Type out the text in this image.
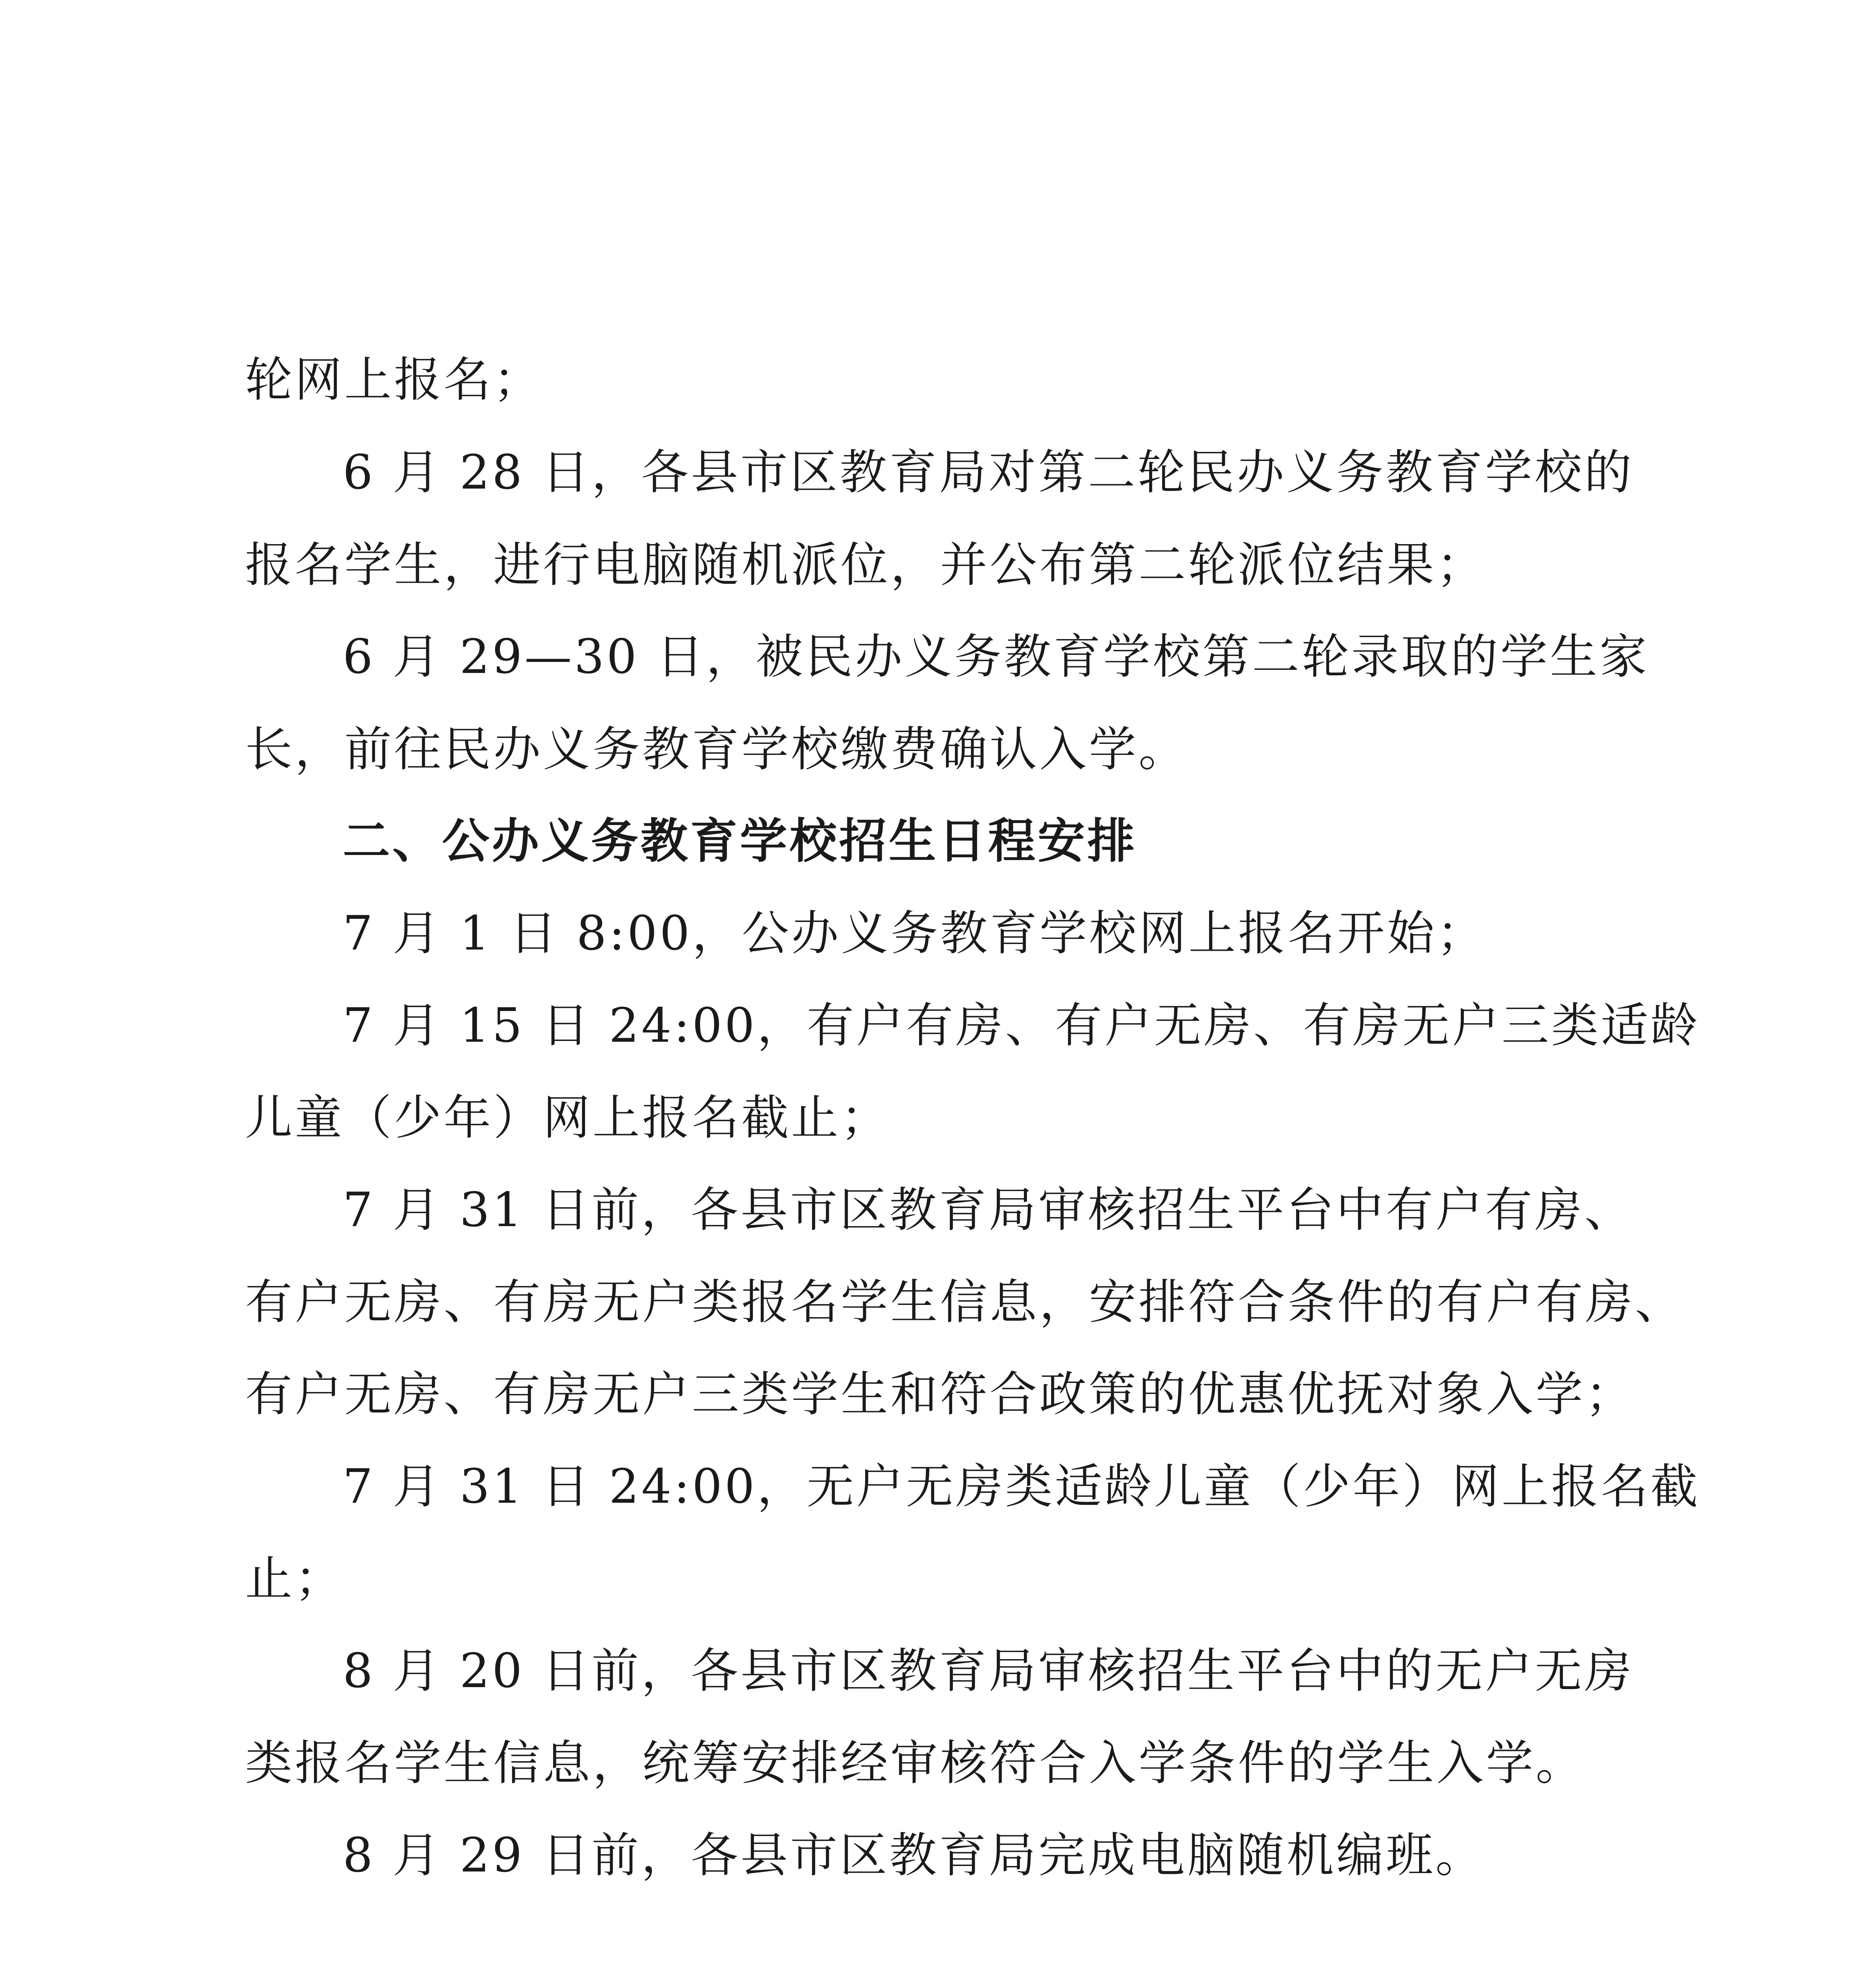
轮网上报名；
6 月 28 日，各县市区教育局对第二轮民办义务教育学校的
报名学生，进行电脑随机派位，并公布第二轮派位结果；
6 月 29—30 日，被民办义务教育学校第二轮录取的学生家
长，前往民办义务教育学校缴费确认入学。
二、公办义务教育学校招生日程安排
7 月 1 日 8:00，公办义务教育学校网上报名开始；
7 月 15 日 24:00，有户有房、有户无房、有房无户三类适龄
儿童（少年）网上报名截止；
7 月 31 日前，各县市区教育局审核招生平台中有户有房、
有户无房、有房无户类报名学生信息，安排符合条件的有户有房、
有户无房、有房无户三类学生和符合政策的优惠优抚对象入学；
7 月 31 日 24:00，无户无房类适龄儿童（少年）网上报名截
止；
8 月 20 日前，各县市区教育局审核招生平台中的无户无房
类报名学生信息，统筹安排经审核符合入学条件的学生入学。
8 月 29 日前，各县市区教育局完成电脑随机编班。
